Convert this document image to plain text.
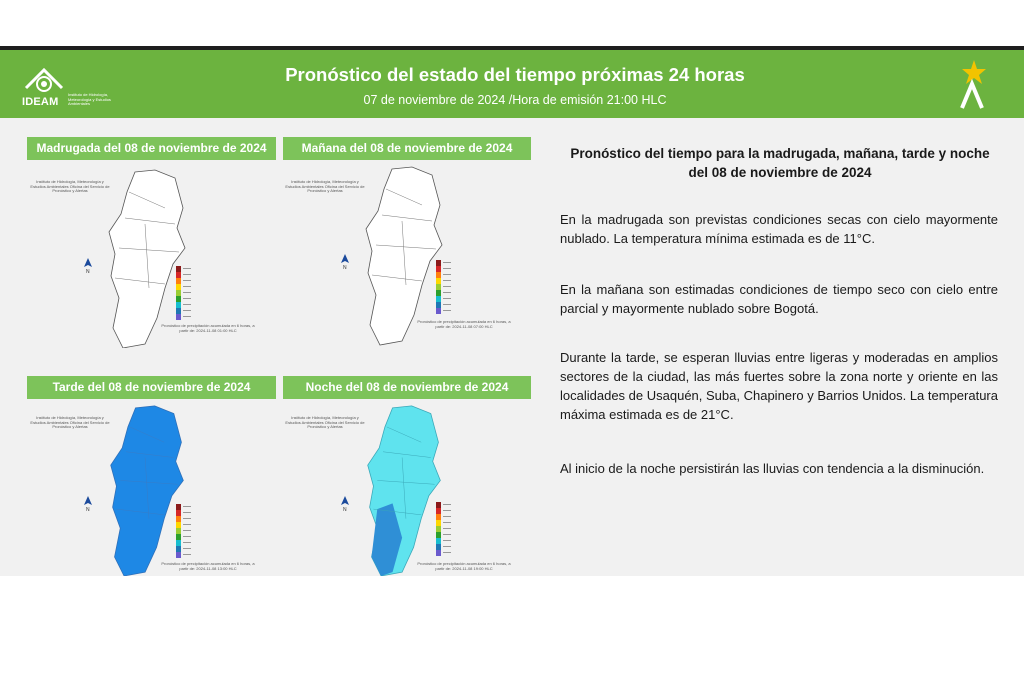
IDEAM
Instituto de Hidrología, Meteorología y Estudios Ambientales
Pronóstico del estado del tiempo próximas 24 horas
07 de noviembre de 2024 /Hora de emisión 21:00 HLC
Madrugada del 08 de noviembre de 2024
Instituto de Hidrología, Meteorología y Estudios Ambientales Oficina del Servicio de Pronóstico y Alertas
N
Pronóstico de precipitación acumulada en 6 horas, a partir de: 2024-11-08 01:00 HLC
Mañana del 08 de noviembre de 2024
Instituto de Hidrología, Meteorología y Estudios Ambientales Oficina del Servicio de Pronóstico y Alertas
N
Pronóstico de precipitación acumulada en 6 horas, a partir de: 2024-11-08 07:00 HLC
Tarde del 08 de noviembre de 2024
Instituto de Hidrología, Meteorología y Estudios Ambientales Oficina del Servicio de Pronóstico y Alertas
N
Pronóstico de precipitación acumulada en 6 horas, a partir de: 2024-11-08 13:00 HLC
Noche del 08 de noviembre de 2024
Instituto de Hidrología, Meteorología y Estudios Ambientales Oficina del Servicio de Pronóstico y Alertas
N
Pronóstico de precipitación acumulada en 6 horas, a partir de: 2024-11-08 19:00 HLC
Pronóstico del tiempo para la madrugada, mañana, tarde y noche del 08 de noviembre de 2024
En la madrugada son previstas condiciones secas con cielo mayormente nublado. La temperatura mínima estimada es de 11°C.
En la mañana son estimadas condiciones de tiempo seco con cielo entre parcial y mayormente nublado sobre Bogotá.
Durante la tarde, se esperan lluvias entre ligeras y moderadas en amplios sectores de la ciudad, las más fuertes sobre la zona norte y oriente en las localidades de Usaquén, Suba, Chapinero y Barrios Unidos. La temperatura máxima estimada es de 21°C.
Al inicio de la noche persistirán las lluvias con tendencia a la disminución.
